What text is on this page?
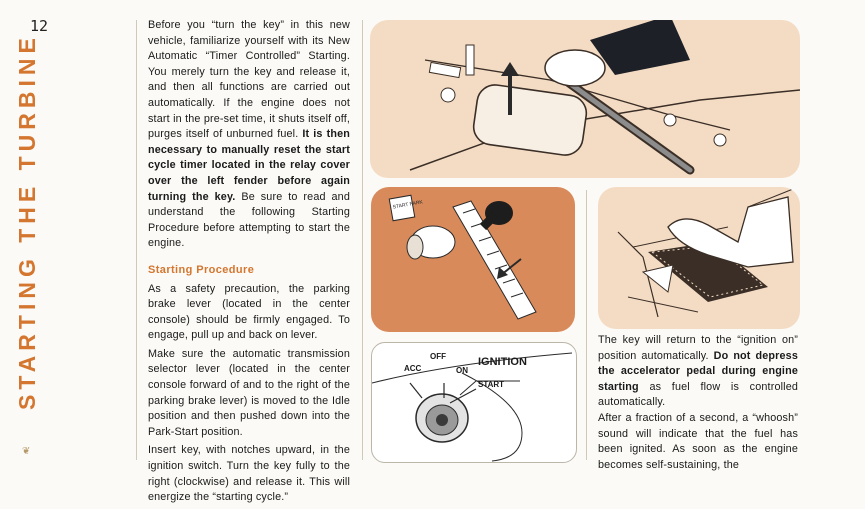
12
STARTING THE TURBINE
❦

Before you “turn the key” in this new vehicle, familiarize yourself with its New Automatic “Timer Controlled” Starting. You merely turn the key and release it, and then all functions are carried out automatically. If the engine does not start in the pre-set time, it shuts itself off, purges itself of unburned fuel. It is then necessary to manually reset the start cycle timer located in the relay cover over the left fender before again turning the key. Be sure to read and understand the following Starting Procedure before attempting to start the engine.

Starting Procedure

As a safety precaution, the parking brake lever (located in the center console) should be firmly engaged. To engage, pull up and back on lever.

Make sure the automatic transmission selector lever (located in the center console forward of and to the right of the parking brake lever) is moved to the Idle position and then pushed down into the Park-Start position.

Insert key, with notches upward, in the ignition switch. Turn the key fully to the right (clockwise) and release it. This will energize the “starting cycle.”

START PARK
IGNITION
OFF
ACC	ON
START

The key will return to the “ignition on” position automatically. Do not depress the accelerator pedal during engine starting as fuel flow is controlled automatically.

After a fraction of a second, a “whoosh” sound will indicate that the fuel has been ignited. As soon as the engine becomes self-sustaining, the
